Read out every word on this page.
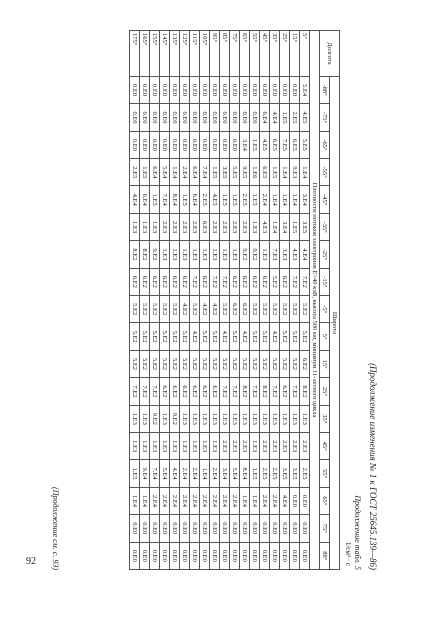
92	(Продолжение изменения № 1 к ГОСТ 25645.139—86)
Продолжение табл. 5
1/см² · с
Долгота	Широта																	
	-88°	-75°	-65°	-55°	-45°	-35°	-25°	-15°	-5°	5°	15°	25°	35°	45°	55°	65°	75°	88°
Плотности потоков электронов E>40 кэВ, высота 500 км, минимум 11-летнего цикла																		
5°	5.E4	4.E5	5.E5	1.E4	3.E4	3.E5	4.E4	7.E2	5.E2	5.E2	6.E2	8.E2	1.E3	2.E3	2.E5	0.E0	0.E0	0.E0
15°	0.E0	2.E5	6.E5	9.E3	1.E4	1.E5	4.E3	7.E2	5.E2	5.E2	5.E2	7.E2	1.E3	2.E3	3.E5	0.E0	0.E0	0.E0
25°	0.E0	1.E5	7.E5	1.E4	1.E4	3.E4	3.E3	6.E2	5.E2	5.E2	5.E2	6.E2	1.E3	2.E3	3.E5	4.E4	0.E0	0.E0
35°	0.E0	4.E4	6.E5	1.E5	1.E4	1.E4	7.E3	5.E2	5.E2	4.E2	5.E2	7.E2	1.E3	2.E3	2.E5	2.E4	0.E0	0.E0
45°	0.E0	6.E4	4.E5	6.E5	2.E4	4.E3	1.E3	6.E2	5.E2	5.E2	5.E2	8.E2	1.E3	2.E3	2.E5	2.E4	0.E0	0.E0
55°	0.E0	0.E0	1.E5	1.E6	1.E5	1.E3	9.E2	6.E2	5.E2	5.E2	5.E2	7.E2	1.E3	1.E3	1.E5	1.E4	0.E0	0.E0
65°	0.E0	0.E0	3.E4	9.E5	2.E5	2.E3	9.E2	6.E2	6.E2	4.E2	5.E2	8.E2	1.E3	2.E3	8.E4	1.E4	0.E0	0.E0
75°	0.E0	0.E0	0.E0	5.E5	1.E5	2.E3	1.E3	6.E2	6.E2	5.E2	5.E2	7.E2	1.E3	2.E3	5.E4	2.E4	0.E0	0.E0
85°	0.E0	0.E0	0.E0	3.E5	1.E5	2.E3	1.E3	7.E2	5.E2	4.E2	5.E2	7.E2	1.E3	2.E3	3.E4	2.E4	0.E0	0.E0
95°	0.E0	0.E0	0.E0	1.E5	4.E5	2.E3	1.E3	7.E2	4.E2	5.E2	5.E2	6.E2	1.E3	1.E3	2.E4	2.E4	0.E0	0.E0
105°	0.E0	0.E0	0.E0	7.E4	2.E5	6.E3	1.E3	6.E2	4.E2	5.E2	5.E2	6.E2	1.E3	1.E3	1.E4	2.E4	0.E0	0.E0
115°	0.E0	0.E0	0.E0	6.E4	6.E4	2.E3	1.E3	7.E2	5.E2	4.E2	5.E2	6.E2	1.E3	1.E3	2.E4	2.E4	0.E0	0.E0
125°	0.E0	0.E0	0.E0	2.E4	1.E5	2.E3	1.E3	6.E2	4.E2	5.E2	5.E2	6.E2	1.E3	1.E3	2.E4	2.E4	0.E0	0.E0
135°	0.E0	0.E0	0.E0	1.E4	8.E4	2.E3	1.E3	6.E2	5.E2	5.E2	5.E2	6.E2	9.E2	1.E3	4.E4	2.E4	0.E0	0.E0
145°	0.E0	0.E0	0.E0	5.E4	7.E4	2.E3	1.E3	6.E2	5.E2	5.E2	5.E2	6.E2	1.E3	1.E3	5.E4	2.E4	0.E0	0.E0
155°	0.E0	0.E0	0.E0	6.E4	1.E5	1.E3	9.E2	6.E2	5.E2	5.E2	5.E2	7.E2	9.E2	1.E3	7.E4	2.E4	0.E0	0.E0
165°	0.E0	0.E0	0.E0	1.E5	6.E4	1.E3	8.E2	6.E2	5.E2	5.E2	5.E2	7.E2	1.E3	1.E3	9.E4	1.E4	0.E0	0.E0
175°	0.E0	0.E0	0.E0	2.E5	4.E4	1.E3	8.E2	6.E2	5.E2	5.E2	5.E2	7.E2	1.E3	1.E3	1.E5	1.E4	0.E0	0.E0
(Продолжение см. с. 93)
